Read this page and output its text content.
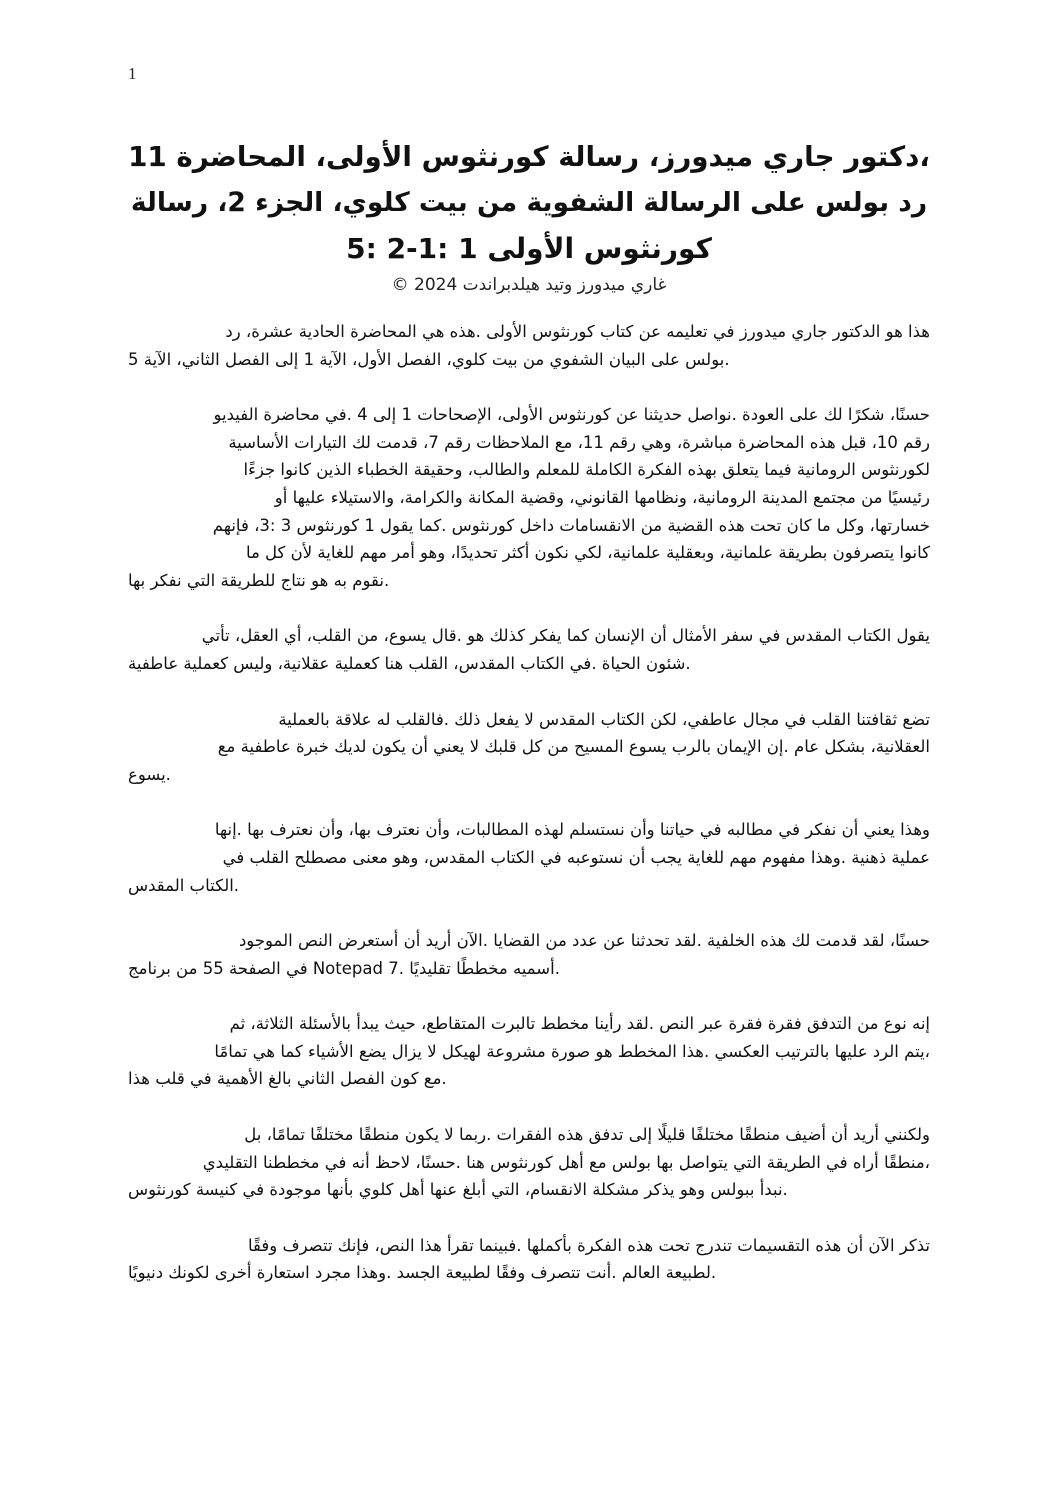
1
،دكتور جاري ميدورز، رسالة كورنثوس الأولى، المحاضرة 11
رد بولس على الرسالة الشفوية من بيت كلوي، الجزء 2، رسالة
كورنثوس الأولى 1 :1-2 :5
غاري ميدورز وتيد هيلدبراندت 2024 ©
هذا هو الدكتور جاري ميدورز في تعليمه عن كتاب كورنثوس الأولى .هذه هي المحاضرة الحادية عشرة، رد
.بولس على البيان الشفوي من بيت كلوي، الفصل الأول، الآية 1 إلى الفصل الثاني، الآية 5
حسنًا، شكرًا لك على العودة .نواصل حديثنا عن كورنثوس الأولى، الإصحاحات 1 إلى 4 .في محاضرة الفيديو
رقم 10، قبل هذه المحاضرة مباشرة، وهي رقم 11، مع الملاحظات رقم 7، قدمت لك التيارات الأساسية
لكورنثوس الرومانية فيما يتعلق بهذه الفكرة الكاملة للمعلم والطالب، وحقيقة الخطباء الذين كانوا جزءًا
رئيسيًا من مجتمع المدينة الرومانية، ونظامها القانوني، وقضية المكانة والكرامة، والاستيلاء عليها أو
خسارتها، وكل ما كان تحت هذه القضية من الانقسامات داخل كورنثوس .كما يقول 1 كورنثوس 3 :3، فإنهم
كانوا يتصرفون بطريقة علمانية، وبعقلية علمانية، لكي نكون أكثر تحديدًا، وهو أمر مهم للغاية لأن كل ما
.نقوم به هو نتاج للطريقة التي نفكر بها
يقول الكتاب المقدس في سفر الأمثال أن الإنسان كما يفكر كذلك هو .قال يسوع، من القلب، أي العقل، تأتي
.شئون الحياة .في الكتاب المقدس، القلب هنا كعملية عقلانية، وليس كعملية عاطفية
تضع ثقافتنا القلب في مجال عاطفي، لكن الكتاب المقدس لا يفعل ذلك .فالقلب له علاقة بالعملية
العقلانية، بشكل عام .إن الإيمان بالرب يسوع المسيح من كل قلبك لا يعني أن يكون لديك خبرة عاطفية مع
.يسوع
وهذا يعني أن نفكر في مطالبه في حياتنا وأن نستسلم لهذه المطالبات، وأن نعترف بها، وأن نعترف بها .إنها
عملية ذهنية .وهذا مفهوم مهم للغاية يجب أن نستوعبه في الكتاب المقدس، وهو معنى مصطلح القلب في
.الكتاب المقدس
حسنًا، لقد قدمت لك هذه الخلفية .لقد تحدثنا عن عدد من القضايا .الآن أريد أن أستعرض النص الموجود
.أسميه مخططًا تقليديًا .Notepad 7 في الصفحة 55 من برنامج
إنه نوع من التدفق فقرة فقرة عبر النص .لقد رأينا مخطط تالبرت المتقاطع، حيث يبدأ بالأسئلة الثلاثة، ثم
،يتم الرد عليها بالترتيب العكسي .هذا المخطط هو صورة مشروعة لهيكل لا يزال يضع الأشياء كما هي تمامًا
.مع كون الفصل الثاني بالغ الأهمية في قلب هذا
ولكنني أريد أن أضيف منطقًا مختلفًا قليلًا إلى تدفق هذه الفقرات .ربما لا يكون منطقًا مختلفًا تمامًا، بل
،منطقًا أراه في الطريقة التي يتواصل بها بولس مع أهل كورنثوس هنا .حسنًا، لاحظ أنه في مخططنا التقليدي
.نبدأ ببولس وهو يذكر مشكلة الانقسام، التي أبلغ عنها أهل كلوي بأنها موجودة في كنيسة كورنثوس
تذكر الآن أن هذه التقسيمات تندرج تحت هذه الفكرة بأكملها .فبينما تقرأ هذا النص، فإنك تتصرف وفقًا
.لطبيعة العالم .أنت تتصرف وفقًا لطبيعة الجسد .وهذا مجرد استعارة أخرى لكونك دنيويًا
